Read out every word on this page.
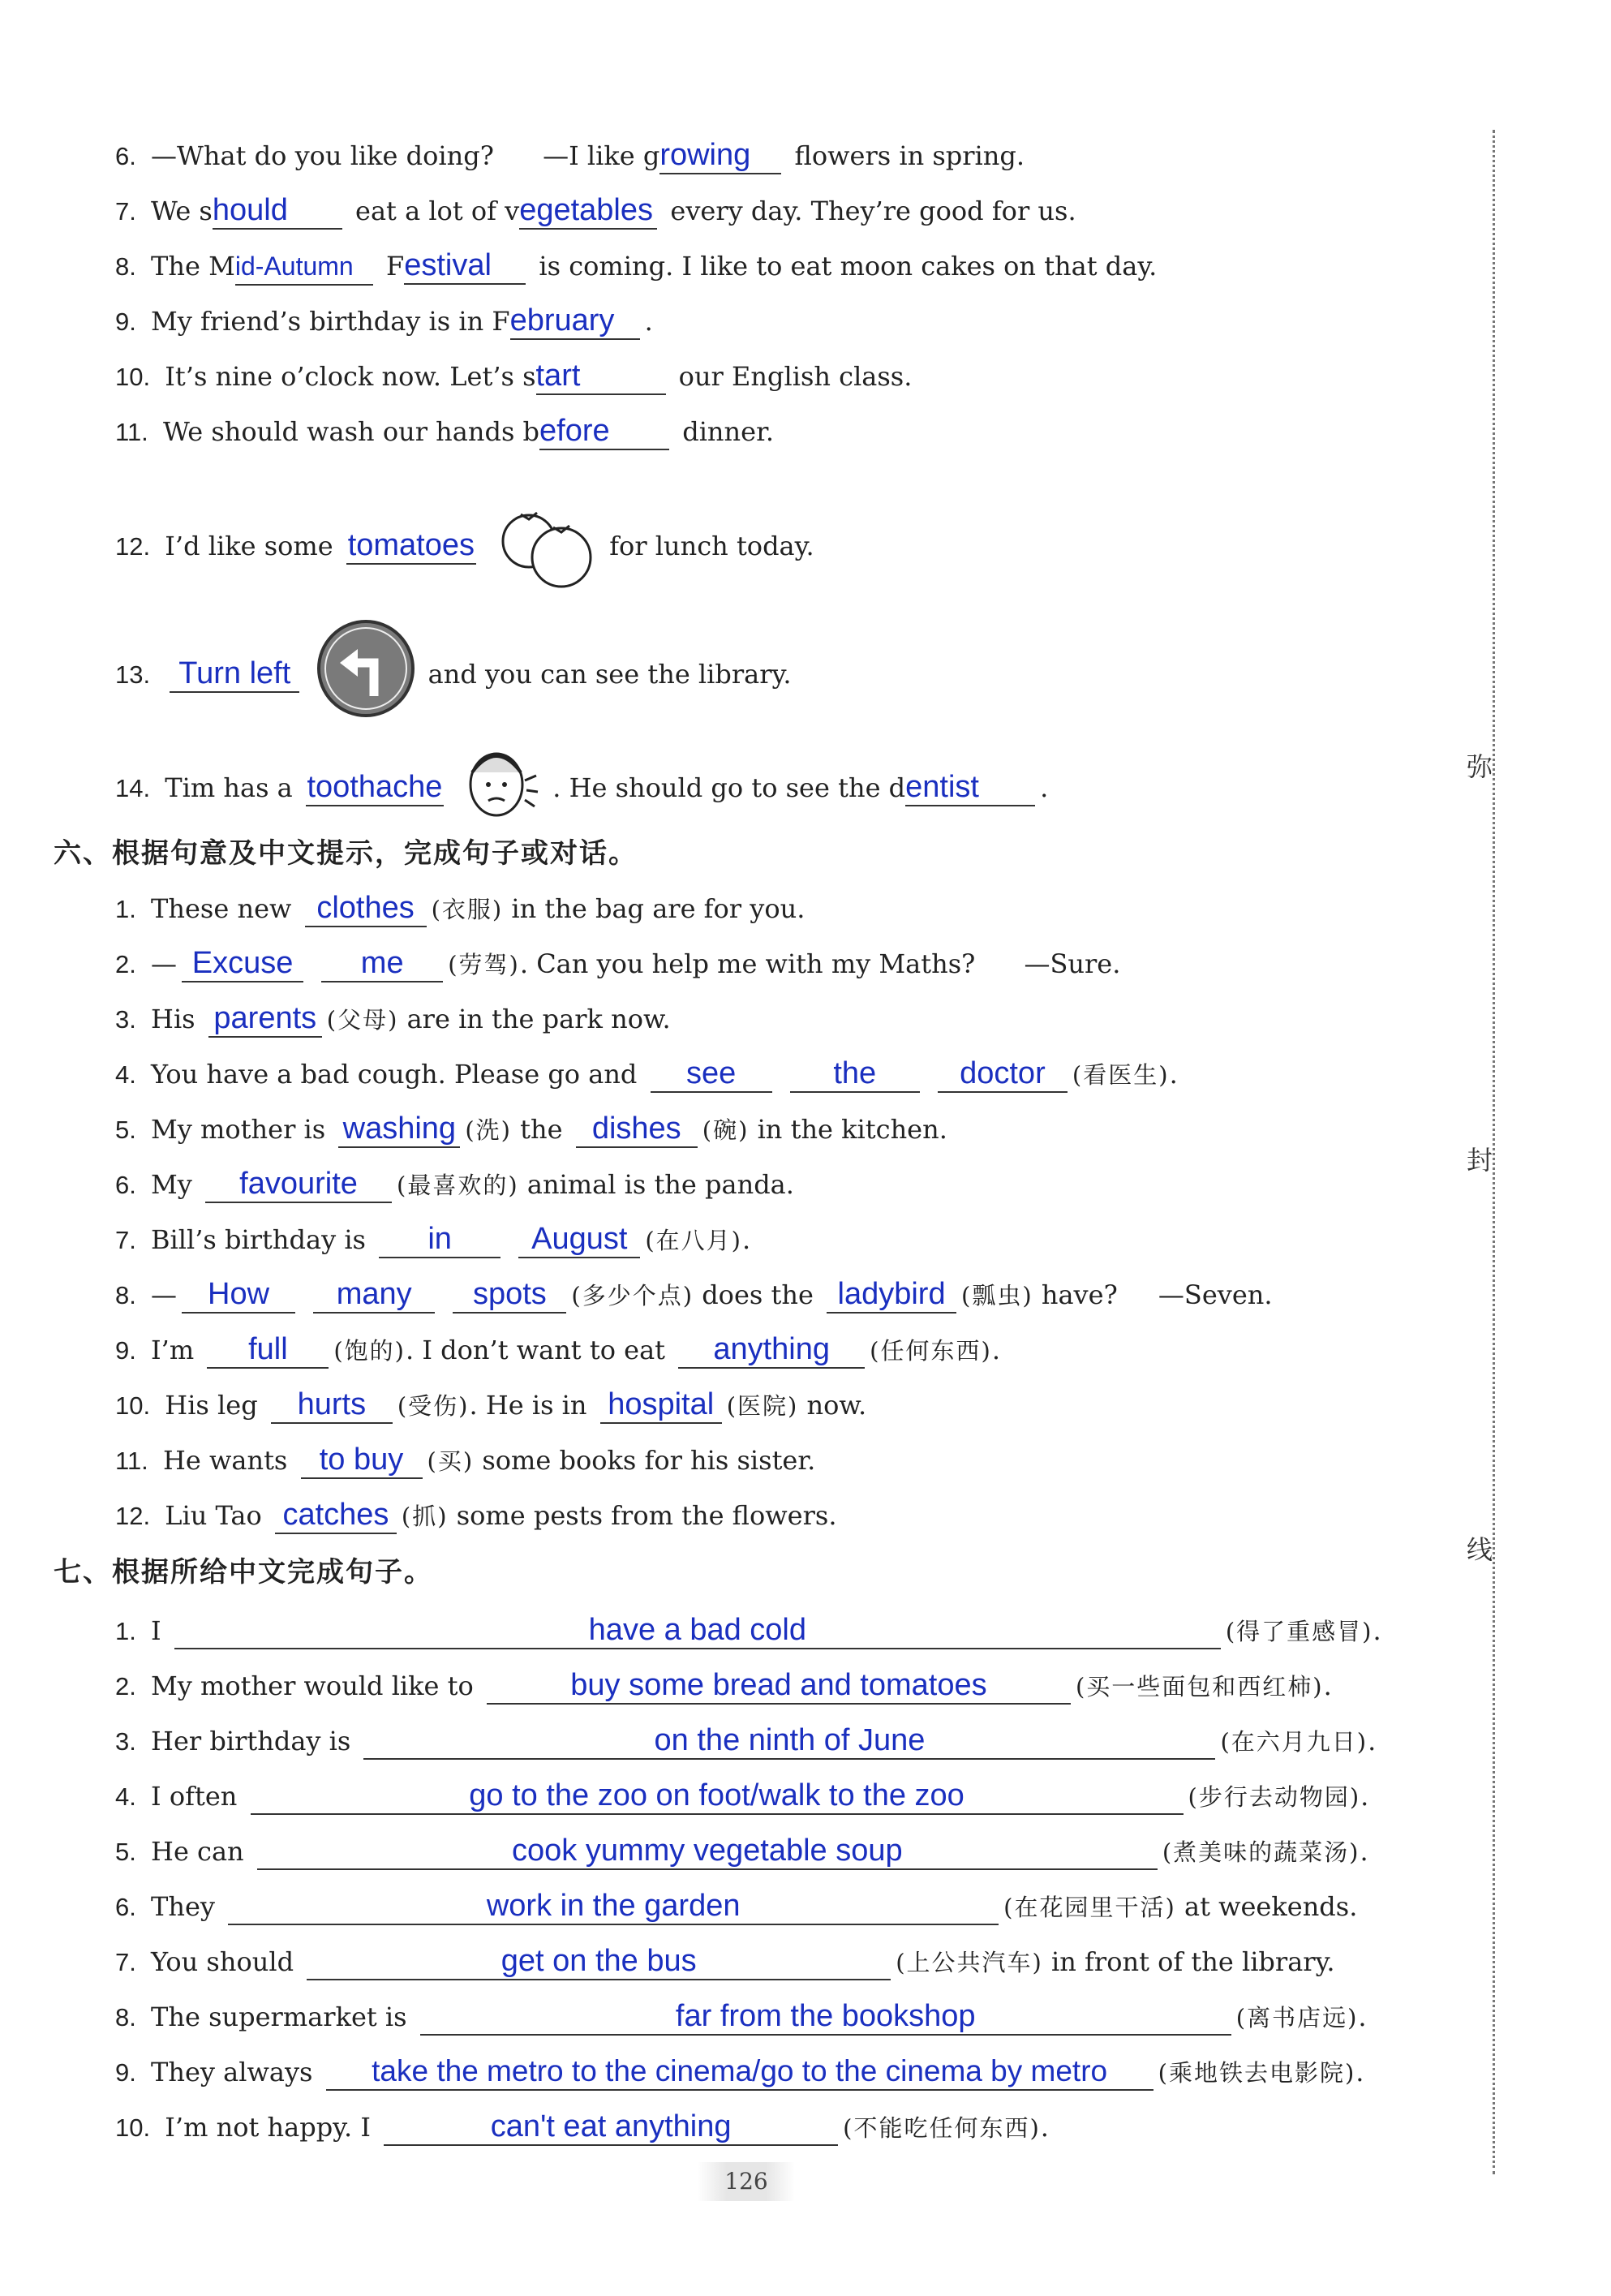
弥
封
线
6. —What do you like doing? —I like growing flowers in spring.
7. We should	eat a lot of vegetables every day. They’re good for us.
8. The Mid-Autumn Festival is coming. I like to eat moon cakes on that day.
9. My friend’s birthday is in February .
10. It’s nine o’clock now. Let’s start	our English class.
11. We should wash our hands before	dinner.
12. I’d like some tomatoes	for lunch today.
13. Turn left	and you can see the library.
14. Tim has a toothache	. He should go to see the dentist .
六、根据句意及中文提示，完成句子或对话。
1. These new clothes (衣服) in the bag are for you.
2. — Excuse me (劳驾). Can you help me with my Maths? —Sure.
3. His parents (父母) are in the park now.
4. You have a bad cough. Please go and see	the	doctor (看医生).
5. My mother is washing (洗) the dishes (碗) in the kitchen.
6. My favourite (最喜欢的) animal is the panda.
7. Bill’s birthday is in	August (在八月).
8. — How many spots (多少个点) does the ladybird (瓢虫) have? —Seven.
9. I’m full (饱的). I don’t want to eat anything (任何东西).
10. His leg hurts (受伤). He is in hospital (医院) now.
11. He wants to buy (买) some books for his sister.
12. Liu Tao catches (抓) some pests from the flowers.
七、根据所给中文完成句子。
1. I	have a bad cold	(得了重感冒).
2. My mother would like to	buy some bread and tomatoes	(买一些面包和西红柿).
3. Her birthday is	on the ninth of June	(在六月九日).
4. I often	go to the zoo on foot/walk to the zoo	(步行去动物园).
5. He can	cook yummy vegetable soup	(煮美味的蔬菜汤).
6. They	work in the garden	(在花园里干活) at weekends.
7. You should	get on the bus	(上公共汽车) in front of the library.
8. The supermarket is	far from the bookshop	(离书店远).
9. They always take the metro to the cinema/go to the cinema by metro (乘地铁去电影院).
10. I’m not happy. I	can't eat anything	(不能吃任何东西).
126
